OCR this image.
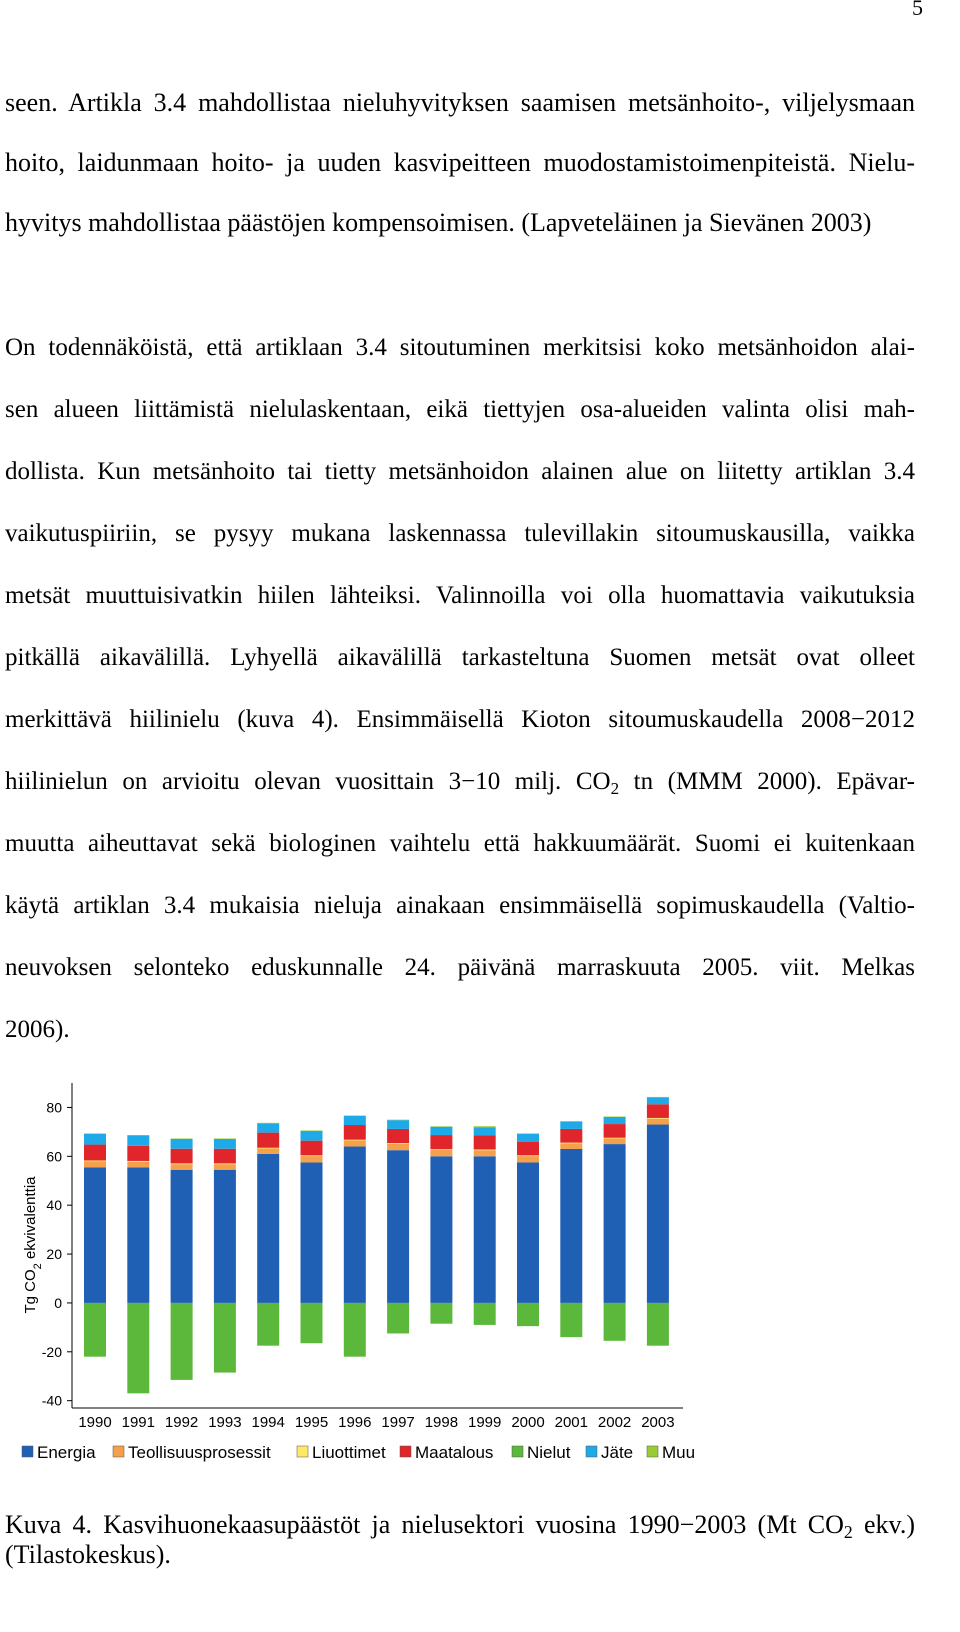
5
seen. Artikla 3.4 mahdollistaa nieluhyvityksen saamisen metsänhoito-, viljelysmaan
hoito, laidunmaan hoito- ja uuden kasvipeitteen muodostamistoimenpiteistä. Nielu-
hyvitys mahdollistaa päästöjen kompensoimisen. (Lapveteläinen ja Sievänen 2003)
On todennäköistä, että artiklaan 3.4 sitoutuminen merkitsisi koko metsänhoidon alai-
sen alueen liittämistä nielulaskentaan, eikä tiettyjen osa-alueiden valinta olisi mah-
dollista. Kun metsänhoito tai tietty metsänhoidon alainen alue on liitetty artiklan 3.4
vaikutuspiiriin, se pysyy mukana laskennassa tulevillakin sitoumuskausilla, vaikka
metsät muuttuisivatkin hiilen lähteiksi. Valinnoilla voi olla huomattavia vaikutuksia
pitkällä aikavälillä. Lyhyellä aikavälillä tarkasteltuna Suomen metsät ovat olleet
merkittävä hiilinielu (kuva 4). Ensimmäisellä Kioton sitoumuskaudella 2008−2012
hiilinielun on arvioitu olevan vuosittain 3−10 milj. $CO_2$ tn (MMM 2000). Epävar-
muutta aiheuttavat sekä biologinen vaihtelu että hakkuumäärät. Suomi ei kuitenkaan
käytä artiklan 3.4 mukaisia nieluja ainakaan ensimmäisellä sopimuskaudella (Valtio-
neuvoksen selonteko eduskunnalle 24. päivänä marraskuuta 2005. viit. Melkas
2006).
Tg $CO_2$ ekvivalenttia
80
60
40
20
0
-20
-40
1990 1991 1992 1993 1994 1995 1996 1997 1998 1999 2000 2001 2002 2003
Energia Teollisuusprosessit Liuottimet Maatalous Nielut Jäte Muu
Kuva 4. Kasvihuonekaasupäästöt ja nielusektori vuosina 1990−2003 (Mt $CO_2$ ekv.)
(Tilastokeskus).
